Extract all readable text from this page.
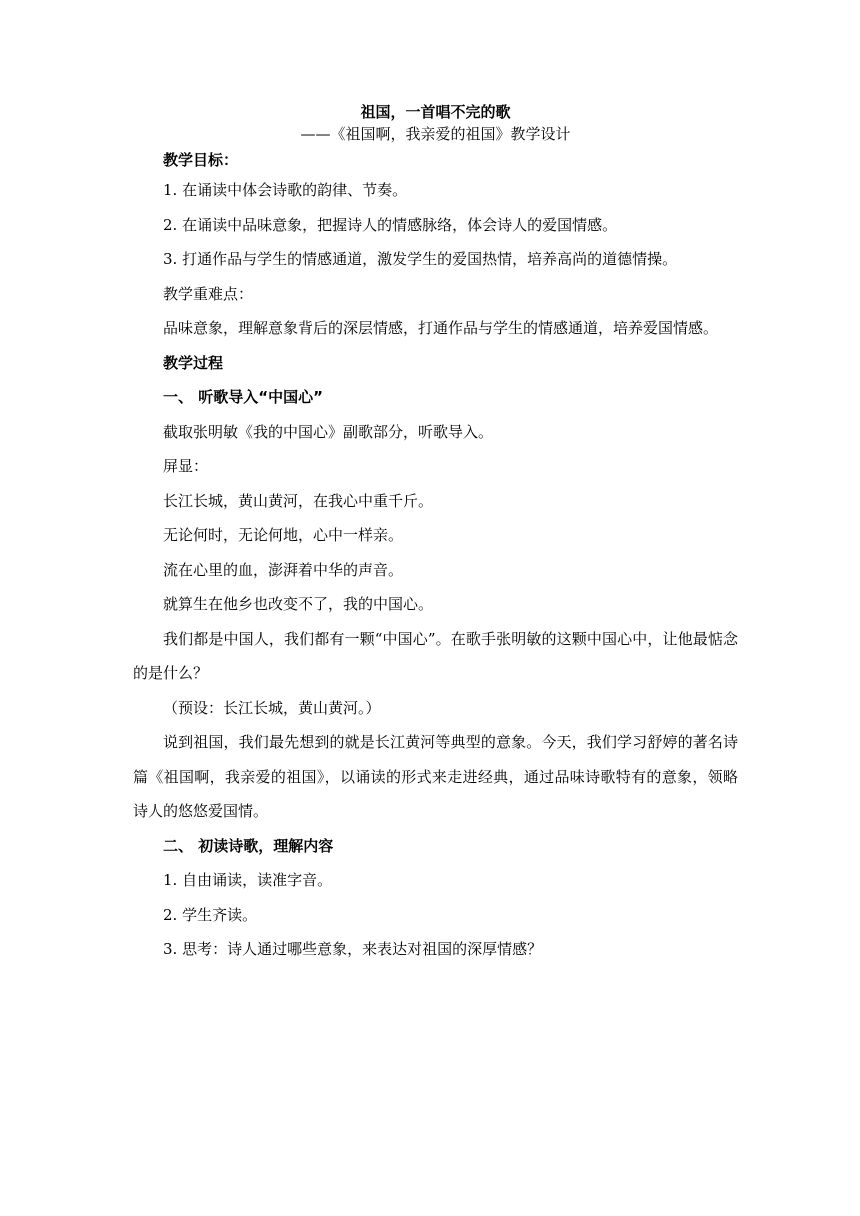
祖国，一首唱不完的歌

——《祖国啊，我亲爱的祖国》教学设计

教学目标：

1. 在诵读中体会诗歌的韵律、节奏。

2. 在诵读中品味意象，把握诗人的情感脉络，体会诗人的爱国情感。

3. 打通作品与学生的情感通道，激发学生的爱国热情，培养高尚的道德情操。

教学重难点：

品味意象，理解意象背后的深层情感，打通作品与学生的情感通道，培养爱国情感。

教学过程

一、 听歌导入“中国心”

截取张明敏《我的中国心》副歌部分，听歌导入。

屏显：

长江长城，黄山黄河，在我心中重千斤。

无论何时，无论何地，心中一样亲。

流在心里的血，澎湃着中华的声音。

就算生在他乡也改变不了，我的中国心。

我们都是中国人，我们都有一颗“中国心”。在歌手张明敏的这颗中国心中，让他最惦念的是什么？

（预设：长江长城，黄山黄河。）

说到祖国，我们最先想到的就是长江黄河等典型的意象。今天，我们学习舒婷的著名诗篇《祖国啊，我亲爱的祖国》，以诵读的形式来走进经典，通过品味诗歌特有的意象，领略诗人的悠悠爱国情。

二、 初读诗歌，理解内容

1. 自由诵读，读准字音。

2. 学生齐读。

3. 思考：诗人通过哪些意象，来表达对祖国的深厚情感？
